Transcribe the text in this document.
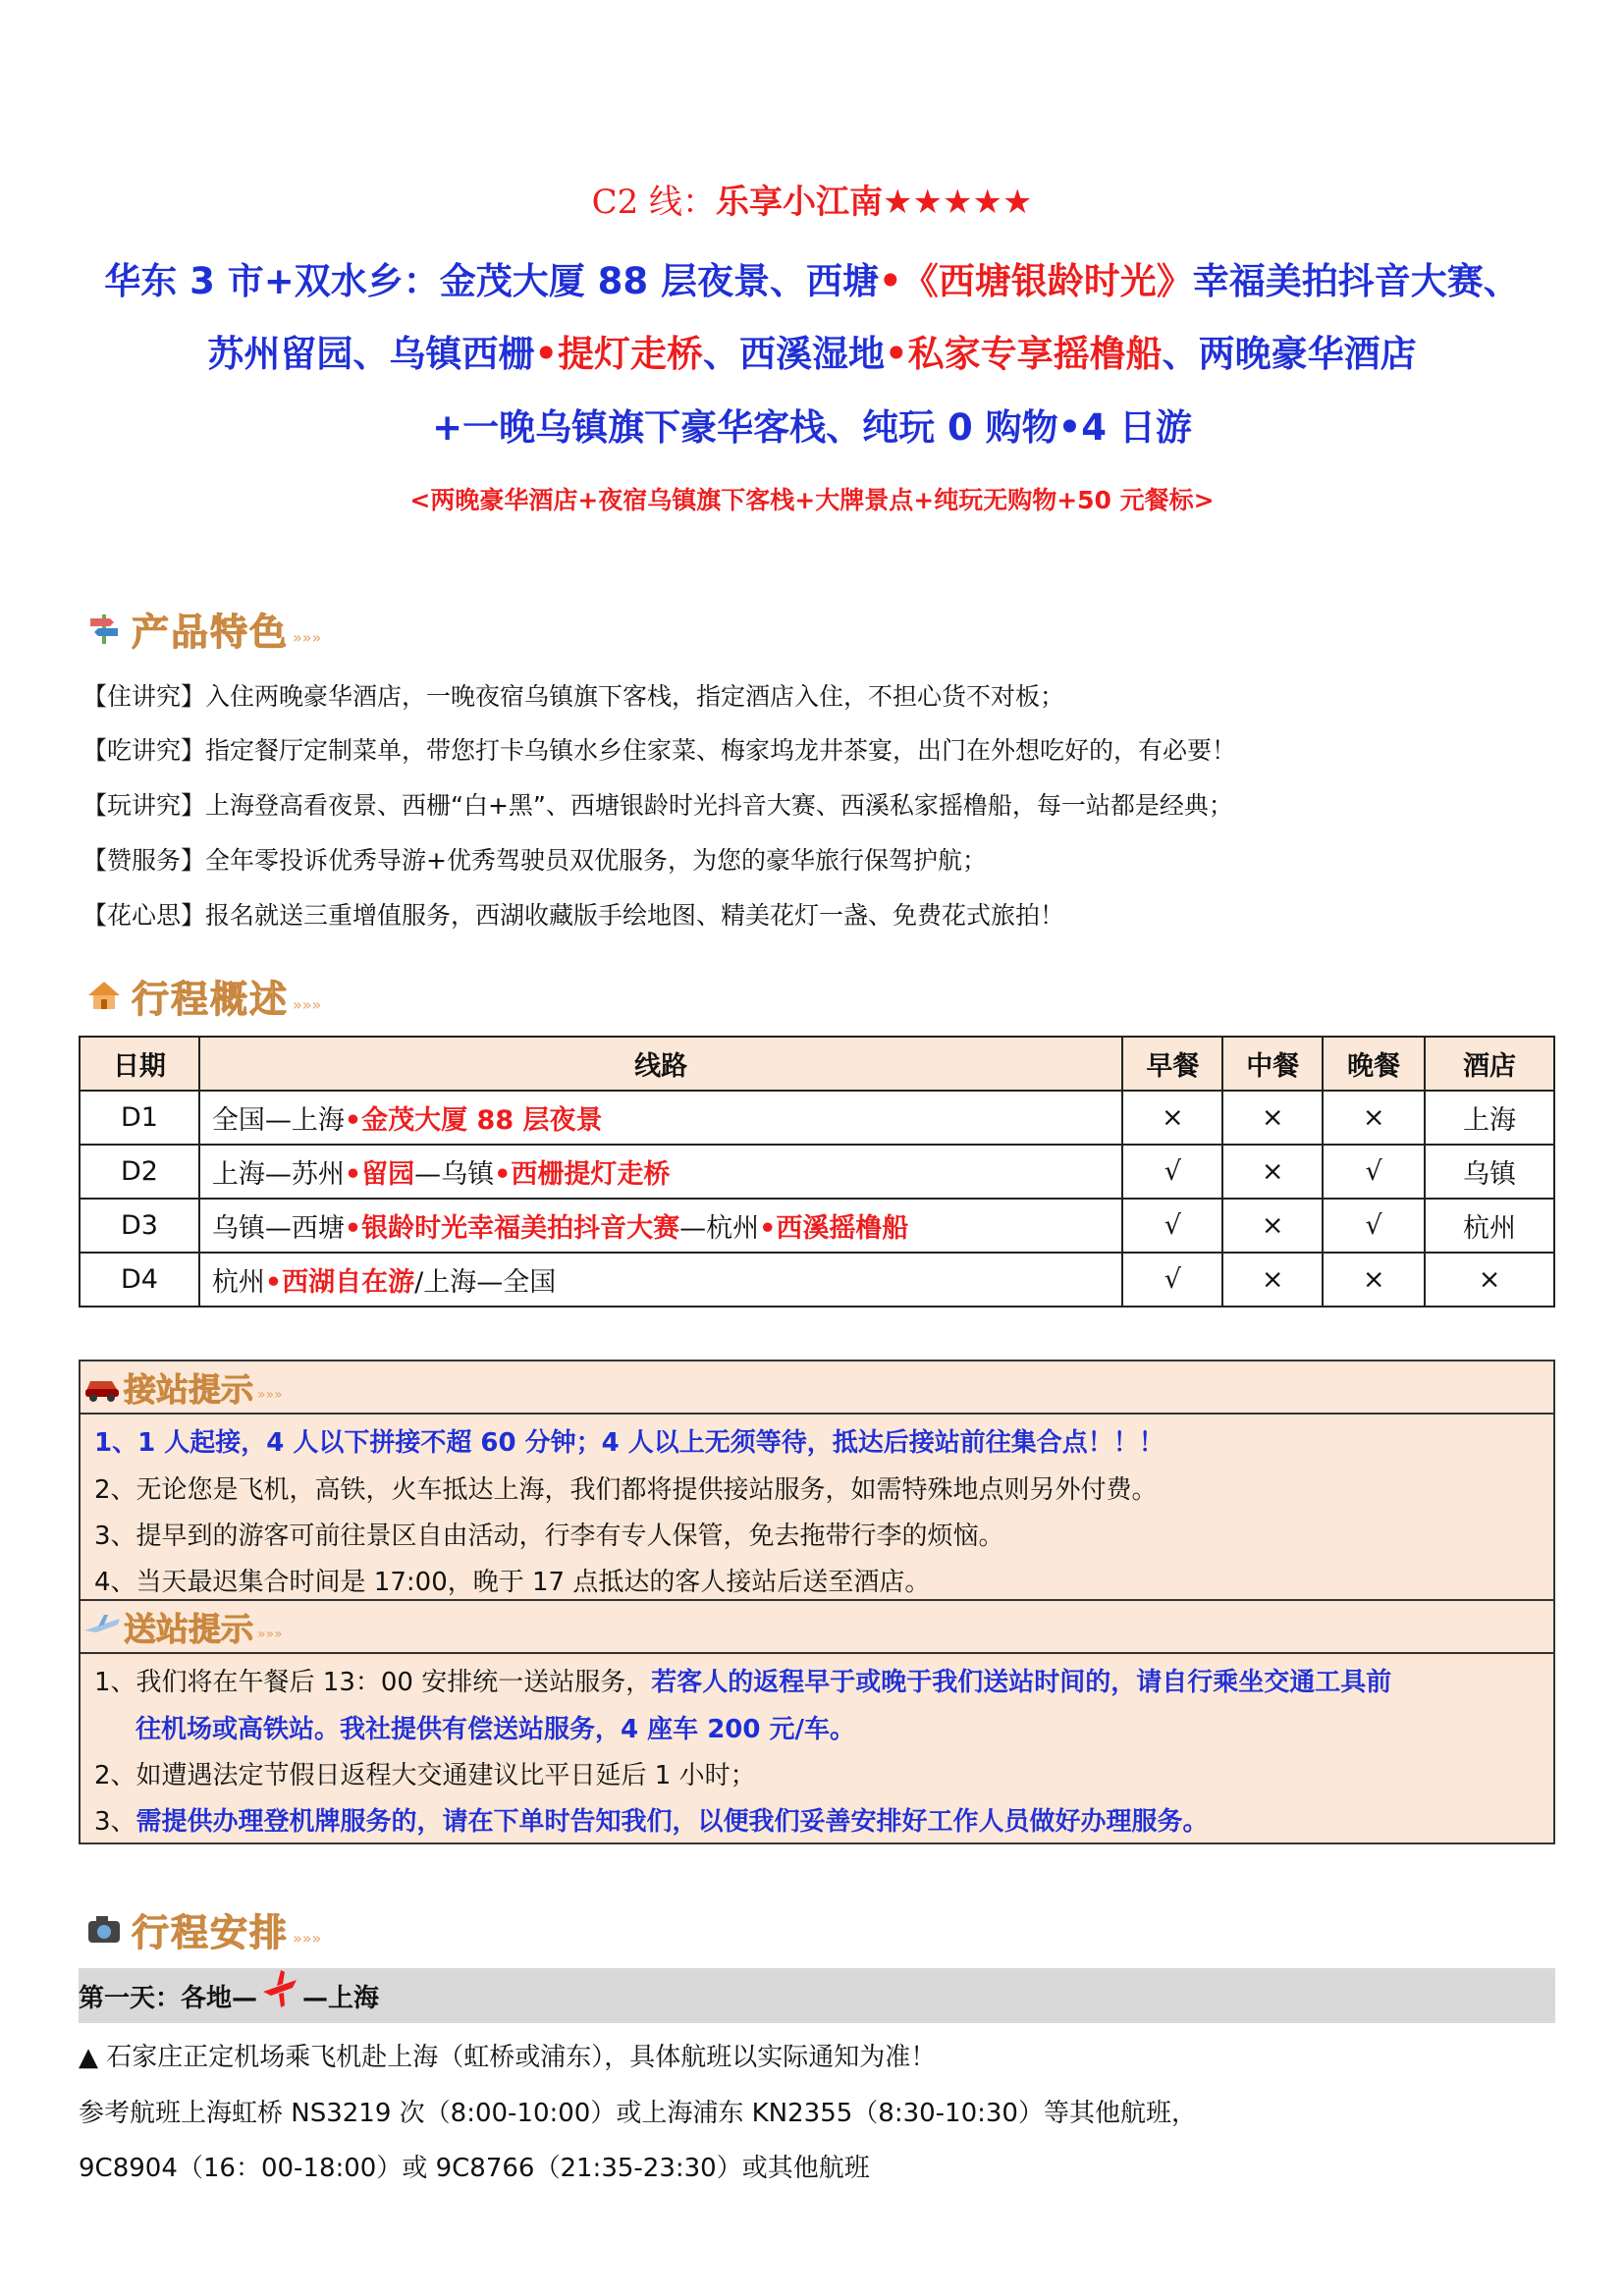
C2 线：乐享小江南★★★★★
华东 3 市+双水乡：金茂大厦 88 层夜景、西塘•《西塘银龄时光》幸福美拍抖音大赛、
苏州留园、乌镇西栅•提灯走桥、西溪湿地•私家专享摇橹船、两晚豪华酒店
+一晚乌镇旗下豪华客栈、纯玩 0 购物•4 日游
<两晚豪华酒店+夜宿乌镇旗下客栈+大牌景点+纯玩无购物+50 元餐标>
产品特色 »»»
【住讲究】入住两晚豪华酒店，一晚夜宿乌镇旗下客栈，指定酒店入住，不担心货不对板；
【吃讲究】指定餐厅定制菜单，带您打卡乌镇水乡住家菜、梅家坞龙井茶宴，出门在外想吃好的，有必要！
【玩讲究】上海登高看夜景、西栅“白+黑”、西塘银龄时光抖音大赛、西溪私家摇橹船，每一站都是经典；
【赞服务】全年零投诉优秀导游+优秀驾驶员双优服务，为您的豪华旅行保驾护航；
【花心思】报名就送三重增值服务，西湖收藏版手绘地图、精美花灯一盏、免费花式旅拍！
行程概述 »»»
日期	线路	早餐	中餐	晚餐	酒店
D1	全国—上海•金茂大厦 88 层夜景	×	×	×	上海
D2	上海—苏州•留园—乌镇•西栅提灯走桥	√	×	√	乌镇
D3	乌镇—西塘•银龄时光幸福美拍抖音大赛—杭州•西溪摇橹船	√	×	√	杭州
D4	杭州•西湖自在游/上海—全国	√	×	×	×
接站提示 »»»
1、1 人起接，4 人以下拼接不超 60 分钟；4 人以上无须等待，抵达后接站前往集合点！！！
2、无论您是飞机，高铁，火车抵达上海，我们都将提供接站服务，如需特殊地点则另外付费。
3、提早到的游客可前往景区自由活动，行李有专人保管，免去拖带行李的烦恼。
4、当天最迟集合时间是 17:00，晚于 17 点抵达的客人接站后送至酒店。
送站提示 »»»
1、我们将在午餐后 13：00 安排统一送站服务，若客人的返程早于或晚于我们送站时间的，请自行乘坐交通工具前
往机场或高铁站。我社提供有偿送站服务，4 座车 200 元/车。
2、如遭遇法定节假日返程大交通建议比平日延后 1 小时；
3、需提供办理登机牌服务的，请在下单时告知我们，以便我们妥善安排好工作人员做好办理服务。
行程安排 »»»
第一天：各地— —上海
▲ 石家庄正定机场乘飞机赴上海（虹桥或浦东），具体航班以实际通知为准！
参考航班上海虹桥 NS3219 次（8:00-10:00）或上海浦东 KN2355（8:30-10:30）等其他航班，
9C8904（16：00-18:00）或 9C8766（21:35-23:30）或其他航班
